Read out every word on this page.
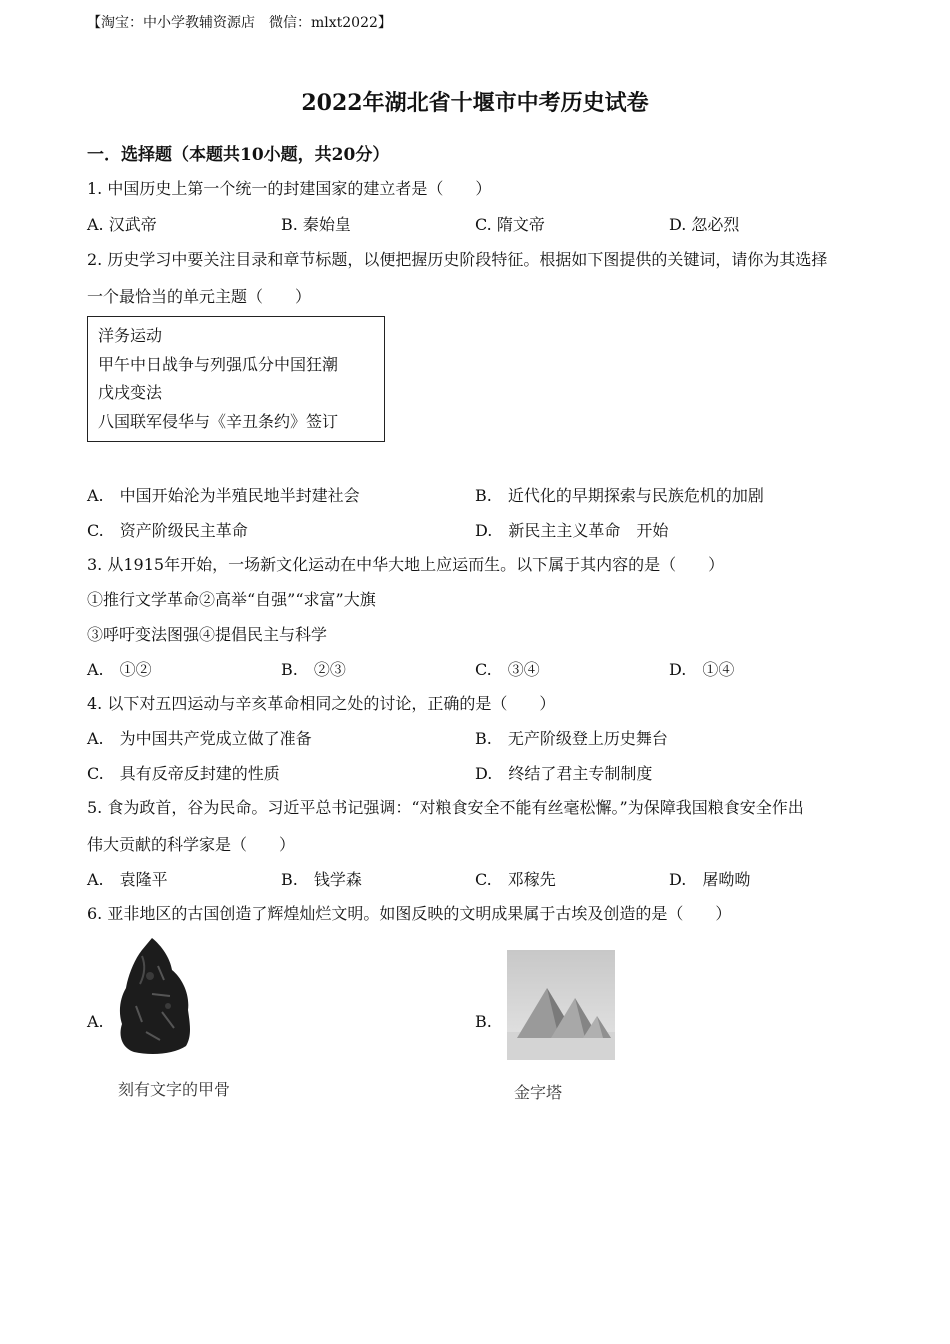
【淘宝：中小学教辅资源店　微信：mlxt2022】
2022年湖北省十堰市中考历史试卷
一．选择题（本题共10小题，共20分）
1. 中国历史上第一个统一的封建国家的建立者是（　　）
A. 汉武帝	B. 秦始皇	C. 隋文帝	D. 忽必烈
2. 历史学习中要关注目录和章节标题，以便把握历史阶段特征。根据如下图提供的关键词，请你为其选择
一个最恰当的单元主题（　　）
洋务运动
甲午中日战争与列强瓜分中国狂潮
戊戌变法
八国联军侵华与《辛丑条约》签订
A.　中国开始沦为半殖民地半封建社会	B.　近代化的早期探索与民族危机的加剧
C.　资产阶级民主革命	D.　新民主主义革命　开始
3. 从1915年开始，一场新文化运动在中华大地上应运而生。以下属于其内容的是（　　）
①推行文学革命②高举“自强”“求富”大旗
③呼吁变法图强④提倡民主与科学
A.　①②	B.　②③	C.　③④	D.　①④
4. 以下对五四运动与辛亥革命相同之处的讨论，正确的是（　　）
A.　为中国共产党成立做了准备	B.　无产阶级登上历史舞台
C.　具有反帝反封建的性质	D.　终结了君主专制制度
5. 食为政首，谷为民命。习近平总书记强调：“对粮食安全不能有丝毫松懈。”为保障我国粮食安全作出
伟大贡献的科学家是（　　）
A.　袁隆平	B.　钱学森	C.　邓稼先	D.　屠呦呦
6. 亚非地区的古国创造了辉煌灿烂文明。如图反映的文明成果属于古埃及创造的是（　　）
A.
刻有文字的甲骨
B.
金字塔
